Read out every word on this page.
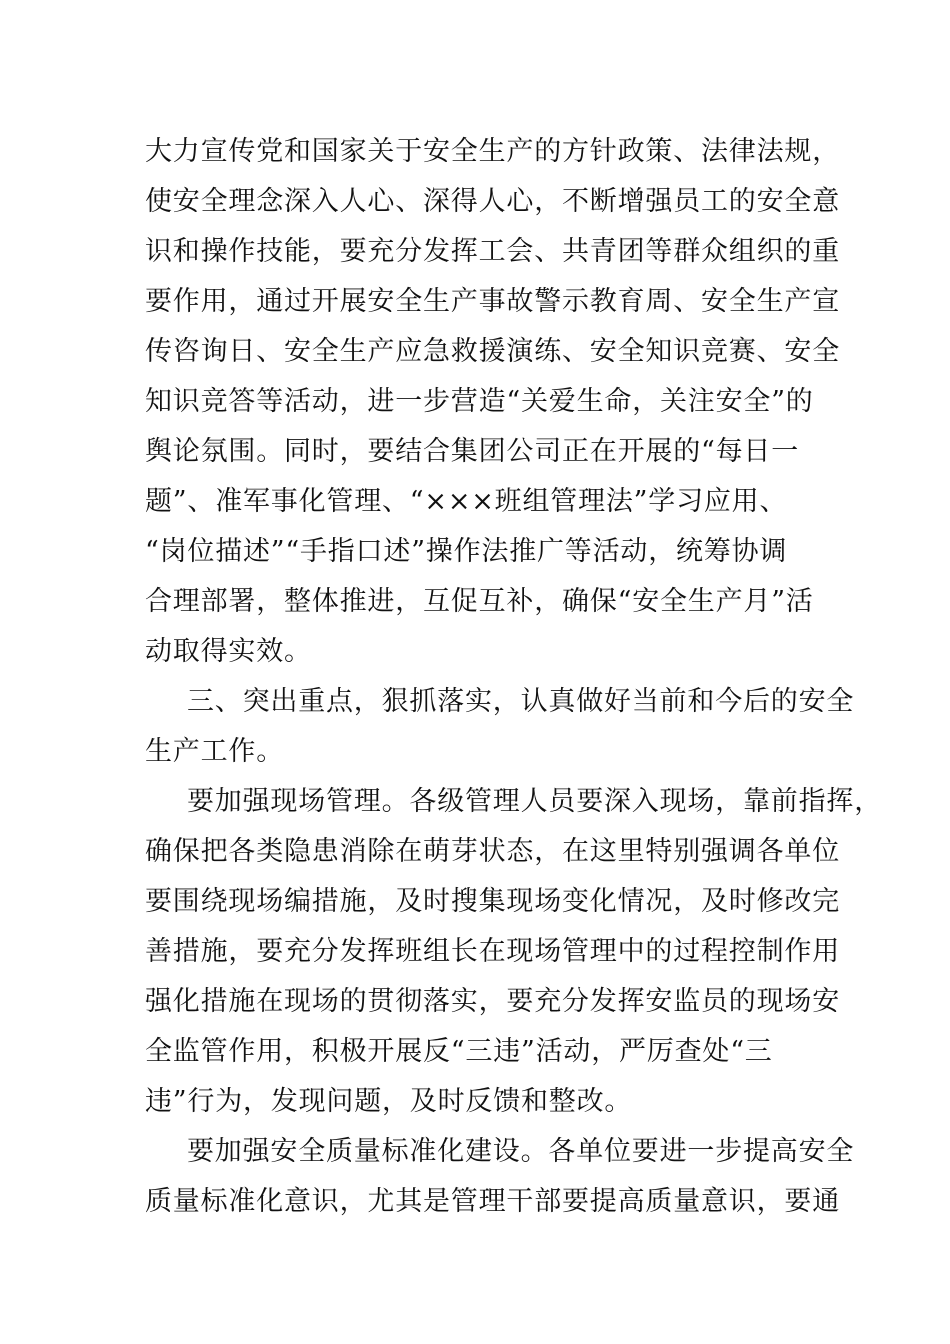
大力宣传党和国家关于安全生产的方针政策、法律法规，
使安全理念深入人心、深得人心，不断增强员工的安全意
识和操作技能，要充分发挥工会、共青团等群众组织的重
要作用，通过开展安全生产事故警示教育周、安全生产宣
传咨询日、安全生产应急救援演练、安全知识竞赛、安全
知识竞答等活动，进一步营造“关爱生命，关注安全”的
舆论氛围。同时，要结合集团公司正在开展的“每日一
题”、准军事化管理、“×××班组管理法”学习应用、
“岗位描述”“手指口述”操作法推广等活动，统筹协调
合理部署，整体推进，互促互补，确保“安全生产月”活
动取得实效。
三、突出重点，狠抓落实，认真做好当前和今后的安全
生产工作。
要加强现场管理。各级管理人员要深入现场，靠前指挥，
确保把各类隐患消除在萌芽状态，在这里特别强调各单位
要围绕现场编措施，及时搜集现场变化情况，及时修改完
善措施，要充分发挥班组长在现场管理中的过程控制作用
强化措施在现场的贯彻落实，要充分发挥安监员的现场安
全监管作用，积极开展反“三违”活动，严厉查处“三
违”行为，发现问题，及时反馈和整改。
要加强安全质量标准化建设。各单位要进一步提高安全
质量标准化意识，尤其是管理干部要提高质量意识，要通
